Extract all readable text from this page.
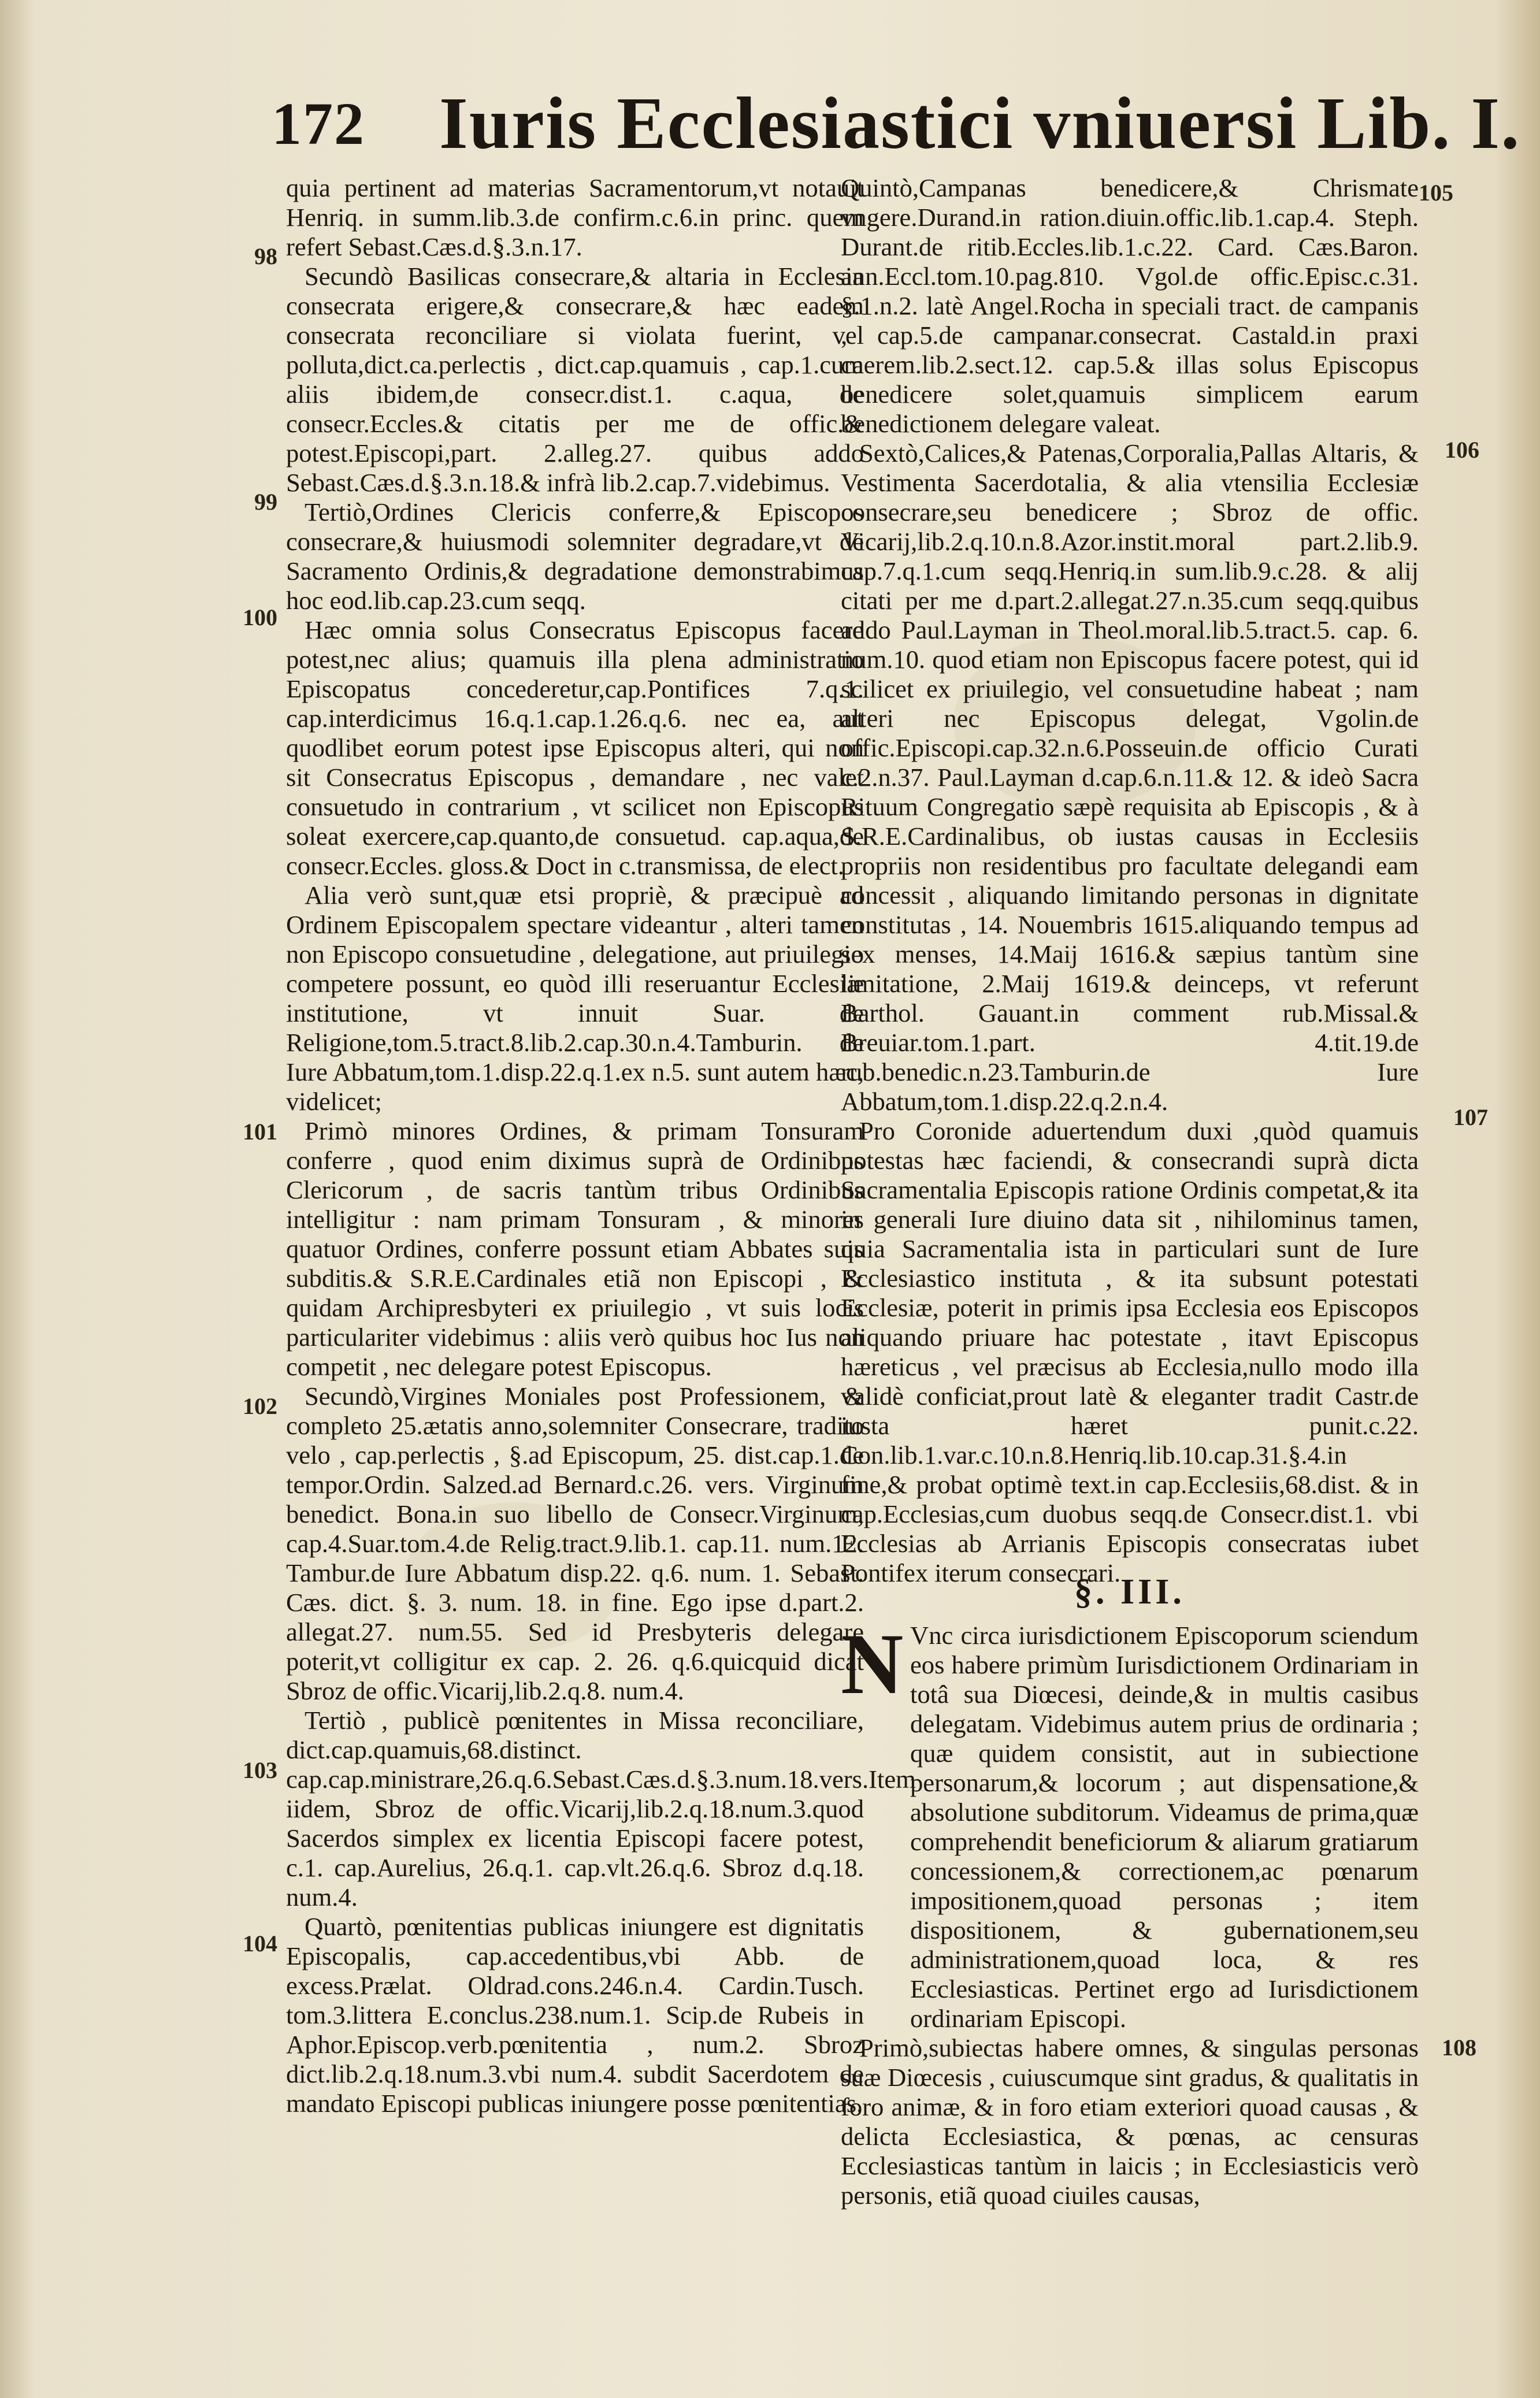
172 Iuris Ecclesiastici vniuersi Lib. I.
98
99
100
101
102
103
104
105
106
107
108

quia pertinent ad materias Sacramentorum,vt notauit Henriq. in summ.lib.3.de confirm.c.6.in princ. quem refert Sebast.Cæs.d.§.3.n.17.

Secundò Basilicas consecrare,& altaria in Ecclesia consecrata erigere,& consecrare,& hæc eadem consecrata reconciliare si violata fuerint, vel polluta,dict.ca.perlectis , dict.cap.quamuis , cap.1.cum aliis ibidem,de consecr.dist.1. c.aqua, de consecr.Eccles.& citatis per me de offic.& potest.Episcopi,part. 2.alleg.27. quibus addo Sebast.Cæs.d.§.3.n.18.& infrà lib.2.cap.7.videbimus.

Tertiò,Ordines Clericis conferre,& Episcopos consecrare,& huiusmodi solemniter degradare,vt de Sacramento Ordinis,& degradatione demonstrabimus hoc eod.lib.cap.23.cum seqq.

Hæc omnia solus Consecratus Episcopus facere potest,nec alius; quamuis illa plena administratio Episcopatus concederetur,cap.Pontifices 7.q.1. cap.interdicimus 16.q.1.cap.1.26.q.6. nec ea, aut quodlibet eorum potest ipse Episcopus alteri, qui non sit Consecratus Episcopus , demandare , nec valet consuetudo in contrarium , vt scilicet non Episcopus soleat exercere,cap.quanto,de consuetud. cap.aqua,de consecr.Eccles. gloss.& Doct in c.transmissa, de elect.

Alia verò sunt,quæ etsi propriè, & præcipuè ad Ordinem Episcopalem spectare videantur , alteri tamen non Episcopo consuetudine , delegatione, aut priuilegio competere possunt, eo quòd illi reseruantur Ecclesiæ institutione, vt innuit Suar. de Religione,tom.5.tract.8.lib.2.cap.30.n.4.Tamburin. de Iure Abbatum,tom.1.disp.22.q.1.ex n.5. sunt autem hæc, videlicet;

Primò minores Ordines, & primam Tonsuram conferre , quod enim diximus suprà de Ordinibus Clericorum , de sacris tantùm tribus Ordinibus intelligitur : nam primam Tonsuram , & minores quatuor Ordines, conferre possunt etiam Abbates suis subditis.& S.R.E.Cardinales etiã non Episcopi , & quidam Archipresbyteri ex priuilegio , vt suis locis particulariter videbimus : aliis verò quibus hoc Ius non competit , nec delegare potest Episcopus.

Secundò,Virgines Moniales post Professionem, & completo 25.ætatis anno,solemniter Consecrare, tradito velo , cap.perlectis , §.ad Episcopum, 25. dist.cap.1.de tempor.Ordin. Salzed.ad Bernard.c.26. vers. Virginum benedict. Bona.in suo libello de Consecr.Virginum, cap.4.Suar.tom.4.de Relig.tract.9.lib.1. cap.11. num.12. Tambur.de Iure Abbatum disp.22. q.6. num. 1. Sebast. Cæs. dict. §. 3. num. 18. in fine. Ego ipse d.part.2. allegat.27. num.55. Sed id Presbyteris delegare poterit,vt colligitur ex cap. 2. 26. q.6.quicquid dicat Sbroz de offic.Vicarij,lib.2.q.8. num.4.

Tertiò , publicè pœnitentes in Missa reconciliare, dict.cap.quamuis,68.distinct. cap.cap.ministrare,26.q.6.Sebast.Cæs.d.§.3.num.18.vers.Item iidem, Sbroz de offic.Vicarij,lib.2.q.18.num.3.quod Sacerdos simplex ex licentia Episcopi facere potest, c.1. cap.Aurelius, 26.q.1. cap.vlt.26.q.6. Sbroz d.q.18. num.4.

Quartò, pœnitentias publicas iniungere est dignitatis Episcopalis, cap.accedentibus,vbi Abb. de excess.Prælat. Oldrad.cons.246.n.4. Cardin.Tusch. tom.3.littera E.conclus.238.num.1. Scip.de Rubeis in Aphor.Episcop.verb.pœnitentia , num.2. Sbroz dict.lib.2.q.18.num.3.vbi num.4. subdit Sacerdotem de mandato Episcopi publicas iniungere posse pœnitentias.

Quintò,Campanas benedicere,& Chrismate vngere.Durand.in ration.diuin.offic.lib.1.cap.4. Steph. Durant.de ritib.Eccles.lib.1.c.22. Card. Cæs.Baron. ann.Eccl.tom.10.pag.810. Vgol.de offic.Episc.c.31. §.1.n.2. latè Angel.Rocha in speciali tract. de campanis , cap.5.de campanar.consecrat. Castald.in praxi caerem.lib.2.sect.12. cap.5.& illas solus Episcopus benedicere solet,quamuis simplicem earum benedictionem delegare valeat.

Sextò,Calices,& Patenas,Corporalia,Pallas Altaris, & Vestimenta Sacerdotalia, & alia vtensilia Ecclesiæ consecrare,seu benedicere ; Sbroz de offic. Vicarij,lib.2.q.10.n.8.Azor.instit.moral part.2.lib.9. cap.7.q.1.cum seqq.Henriq.in sum.lib.9.c.28. & alij citati per me d.part.2.allegat.27.n.35.cum seqq.quibus addo Paul.Layman in Theol.moral.lib.5.tract.5. cap. 6. num.10. quod etiam non Episcopus facere potest, qui id scilicet ex priuilegio, vel consuetudine habeat ; nam alteri nec Episcopus delegat, Vgolin.de offic.Episcopi.cap.32.n.6.Posseuin.de officio Curati c.2.n.37. Paul.Layman d.cap.6.n.11.& 12. & ideò Sacra Rituum Congregatio sæpè requisita ab Episcopis , & à S.R.E.Cardinalibus, ob iustas causas in Ecclesiis propriis non residentibus pro facultate delegandi eam concessit , aliquando limitando personas in dignitate constitutas , 14. Nouembris 1615.aliquando tempus ad sex menses, 14.Maij 1616.& sæpius tantùm sine limitatione, 2.Maij 1619.& deinceps, vt referunt Barthol. Gauant.in comment rub.Missal.& Breuiar.tom.1.part. 4.tit.19.de rub.benedic.n.23.Tamburin.de Iure Abbatum,tom.1.disp.22.q.2.n.4.

Pro Coronide aduertendum duxi ,quòd quamuis potestas hæc faciendi, & consecrandi suprà dicta Sacramentalia Episcopis ratione Ordinis competat,& ita in generali Iure diuino data sit , nihilominus tamen, quia Sacramentalia ista in particulari sunt de Iure Ecclesiastico instituta , & ita subsunt potestati Ecclesiæ, poterit in primis ipsa Ecclesia eos Episcopos aliquando priuare hac potestate , itavt Episcopus hæreticus , vel præcisus ab Ecclesia,nullo modo illa validè conficiat,prout latè & eleganter tradit Castr.de iusta hæret punit.c.22. Con.lib.1.var.c.10.n.8.Henriq.lib.10.cap.31.§.4.in fine,& probat optimè text.in cap.Ecclesiis,68.dist. & in cap.Ecclesias,cum duobus seqq.de Consecr.dist.1. vbi Ecclesias ab Arrianis Episcopis consecratas iubet Pontifex iterum consecrari.

§. III.
N Vnc circa iurisdictionem Episcoporum sciendum eos habere primùm Iurisdictionem Ordinariam in totâ sua Diœcesi, deinde,& in multis casibus delegatam. Videbimus autem prius de ordinaria ; quæ quidem consistit, aut in subiectione personarum,& locorum ; aut dispensatione,& absolutione subditorum. Videamus de prima,quæ comprehendit beneficiorum & aliarum gratiarum concessionem,& correctionem,ac pœnarum impositionem,quoad personas ; item dispositionem, & gubernationem,seu administrationem,quoad loca, & res Ecclesiasticas. Pertinet ergo ad Iurisdictionem ordinariam Episcopi.

Primò,subiectas habere omnes, & singulas personas suæ Diœcesis , cuiuscumque sint gradus, & qualitatis in foro animæ, & in foro etiam exteriori quoad causas , & delicta Ecclesiastica, & pœnas, ac censuras Ecclesiasticas tantùm in laicis ; in Ecclesiasticis verò personis, etiã quoad ciuiles causas,
